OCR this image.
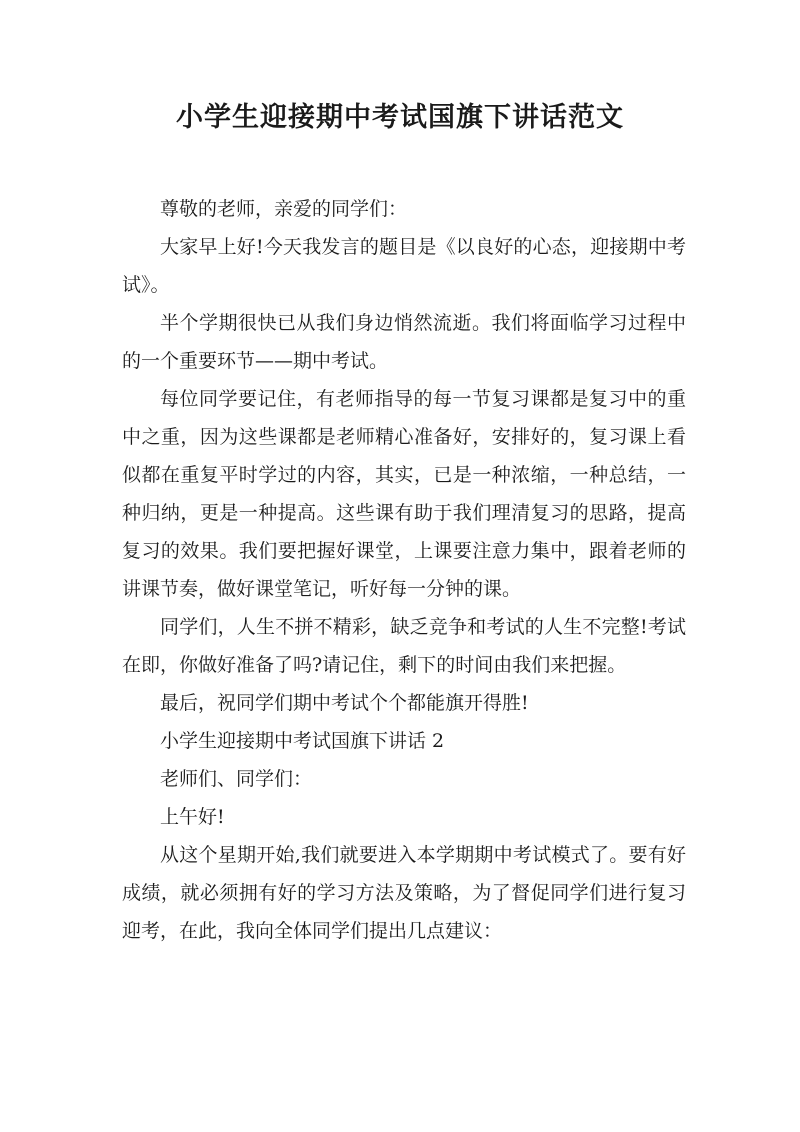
小学生迎接期中考试国旗下讲话范文

尊敬的老师，亲爱的同学们：

大家早上好!今天我发言的题目是《以良好的心态，迎接期中考试》。

半个学期很快已从我们身边悄然流逝。我们将面临学习过程中的一个重要环节——期中考试。

每位同学要记住，有老师指导的每一节复习课都是复习中的重中之重，因为这些课都是老师精心准备好，安排好的，复习课上看似都在重复平时学过的内容，其实，已是一种浓缩，一种总结，一种归纳，更是一种提高。这些课有助于我们理清复习的思路，提高复习的效果。我们要把握好课堂，上课要注意力集中，跟着老师的讲课节奏，做好课堂笔记，听好每一分钟的课。

同学们，人生不拼不精彩，缺乏竞争和考试的人生不完整!考试在即，你做好准备了吗?请记住，剩下的时间由我们来把握。

最后，祝同学们期中考试个个都能旗开得胜!

小学生迎接期中考试国旗下讲话 2

老师们、同学们：

上午好!

从这个星期开始,我们就要进入本学期期中考试模式了。要有好成绩，就必须拥有好的学习方法及策略，为了督促同学们进行复习迎考，在此，我向全体同学们提出几点建议：
